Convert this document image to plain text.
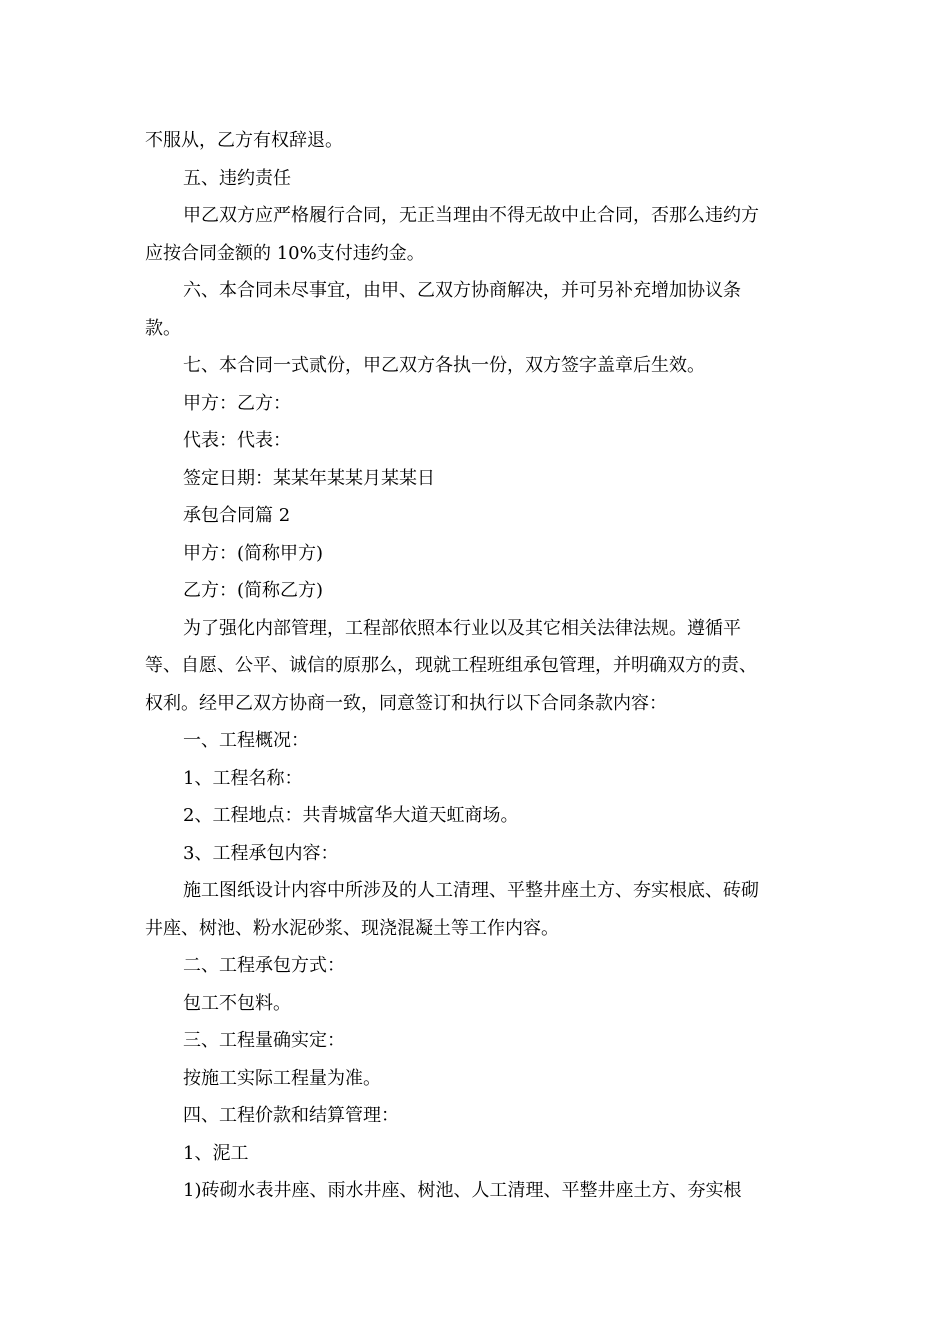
不服从，乙方有权辞退。

五、违约责任

甲乙双方应严格履行合同，无正当理由不得无故中止合同，否那么违约方

应按合同金额的 10%支付违约金。

六、本合同未尽事宜，由甲、乙双方协商解决，并可另补充增加协议条

款。

七、本合同一式贰份，甲乙双方各执一份，双方签字盖章后生效。

甲方：乙方：

代表：代表：

签定日期：某某年某某月某某日

承包合同篇 2

甲方：(简称甲方)

乙方：(简称乙方)

为了强化内部管理，工程部依照本行业以及其它相关法律法规。遵循平

等、自愿、公平、诚信的原那么，现就工程班组承包管理，并明确双方的责、

权利。经甲乙双方协商一致，同意签订和执行以下合同条款内容：

一、工程概况：

1、工程名称：

2、工程地点：共青城富华大道天虹商场。

3、工程承包内容：

施工图纸设计内容中所涉及的人工清理、平整井座土方、夯实根底、砖砌

井座、树池、粉水泥砂浆、现浇混凝土等工作内容。

二、工程承包方式：

包工不包料。

三、工程量确实定：

按施工实际工程量为准。

四、工程价款和结算管理：

1、泥工

1)砖砌水表井座、雨水井座、树池、人工清理、平整井座土方、夯实根
